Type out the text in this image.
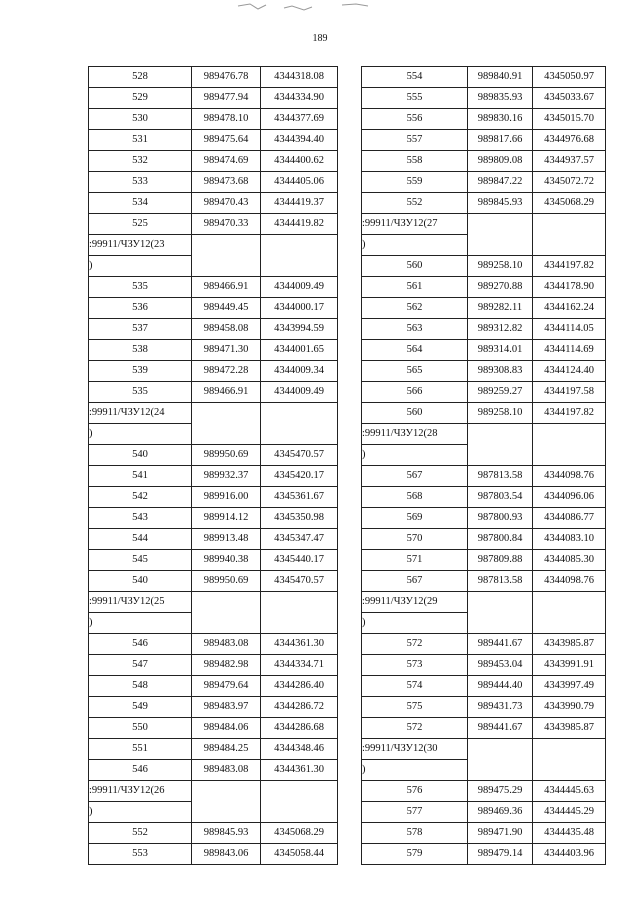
189
528	989476.78	4344318.08
529	989477.94	4344334.90
530	989478.10	4344377.69
531	989475.64	4344394.40
532	989474.69	4344400.62
533	989473.68	4344405.06
534	989470.43	4344419.37
525	989470.33	4344419.82
:99911/ЧЗУ12(23		
)		
535	989466.91	4344009.49
536	989449.45	4344000.17
537	989458.08	4343994.59
538	989471.30	4344001.65
539	989472.28	4344009.34
535	989466.91	4344009.49
:99911/ЧЗУ12(24		
)		
540	989950.69	4345470.57
541	989932.37	4345420.17
542	989916.00	4345361.67
543	989914.12	4345350.98
544	989913.48	4345347.47
545	989940.38	4345440.17
540	989950.69	4345470.57
:99911/ЧЗУ12(25		
)		
546	989483.08	4344361.30
547	989482.98	4344334.71
548	989479.64	4344286.40
549	989483.97	4344286.72
550	989484.06	4344286.68
551	989484.25	4344348.46
546	989483.08	4344361.30
:99911/ЧЗУ12(26		
)		
552	989845.93	4345068.29
553	989843.06	4345058.44
554	989840.91	4345050.97
555	989835.93	4345033.67
556	989830.16	4345015.70
557	989817.66	4344976.68
558	989809.08	4344937.57
559	989847.22	4345072.72
552	989845.93	4345068.29
:99911/ЧЗУ12(27		
)		
560	989258.10	4344197.82
561	989270.88	4344178.90
562	989282.11	4344162.24
563	989312.82	4344114.05
564	989314.01	4344114.69
565	989308.83	4344124.40
566	989259.27	4344197.58
560	989258.10	4344197.82
:99911/ЧЗУ12(28		
)		
567	987813.58	4344098.76
568	987803.54	4344096.06
569	987800.93	4344086.77
570	987800.84	4344083.10
571	987809.88	4344085.30
567	987813.58	4344098.76
:99911/ЧЗУ12(29		
)		
572	989441.67	4343985.87
573	989453.04	4343991.91
574	989444.40	4343997.49
575	989431.73	4343990.79
572	989441.67	4343985.87
:99911/ЧЗУ12(30		
)		
576	989475.29	4344445.63
577	989469.36	4344445.29
578	989471.90	4344435.48
579	989479.14	4344403.96
